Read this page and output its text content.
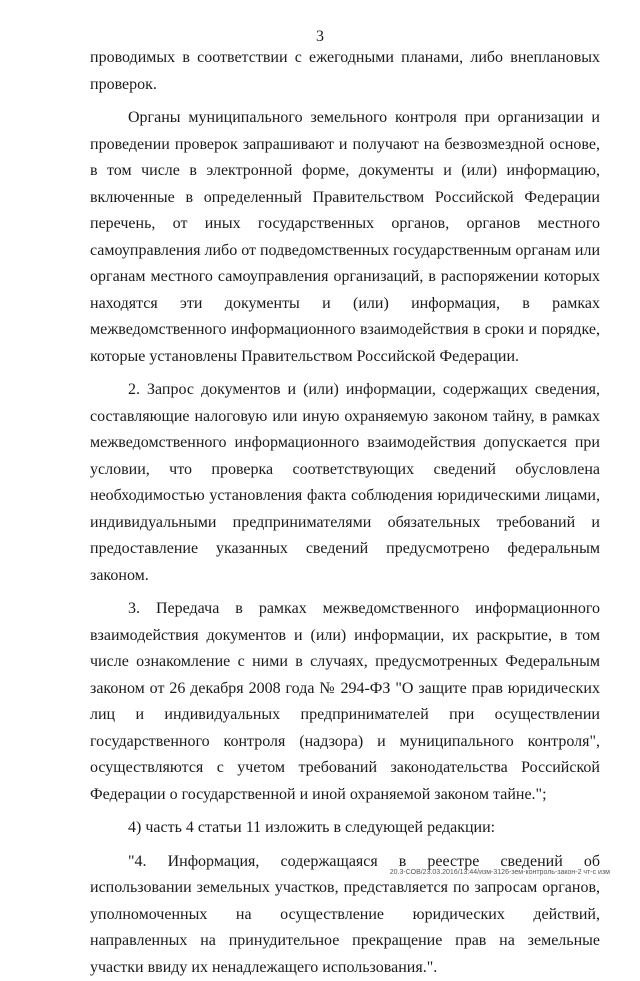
3

проводимых в соответствии с ежегодными планами, либо внеплановых проверок.

Органы муниципального земельного контроля при организации и проведении проверок запрашивают и получают на безвозмездной основе, в том числе в электронной форме, документы и (или) информацию, включенные в определенный Правительством Российской Федерации перечень, от иных государственных органов, органов местного самоуправления либо от подведомственных государственным органам или органам местного самоуправления организаций, в распоряжении которых находятся эти документы и (или) информация, в рамках межведомственного информационного взаимодействия в сроки и порядке, которые установлены Правительством Российской Федерации.

2. Запрос документов и (или) информации, содержащих сведения, составляющие налоговую или иную охраняемую законом тайну, в рамках межведомственного информационного взаимодействия допускается при условии, что проверка соответствующих сведений обусловлена необходимостью установления факта соблюдения юридическими лицами, индивидуальными предпринимателями обязательных требований и предоставление указанных сведений предусмотрено федеральным законом.

3. Передача в рамках межведомственного информационного взаимодействия документов и (или) информации, их раскрытие, в том числе ознакомление с ними в случаях, предусмотренных Федеральным законом от 26 декабря 2008 года № 294-ФЗ "О защите прав юридических лиц и индивидуальных предпринимателей при осуществлении государственного контроля (надзора) и муниципального контроля", осуществляются с учетом требований законодательства Российской Федерации о государственной и иной охраняемой законом тайне.";

4) часть 4 статьи 11 изложить в следующей редакции:

"4. Информация, содержащаяся в реестре сведений об использовании земельных участков, представляется по запросам органов, уполномоченных на осуществление юридических действий, направленных на принудительное прекращение прав на земельные участки ввиду их ненадлежащего использования.".

20.3-СОВ/23.03.2016/13:44/изм-3126-зем-контроль-закон-2 чт-с изм
